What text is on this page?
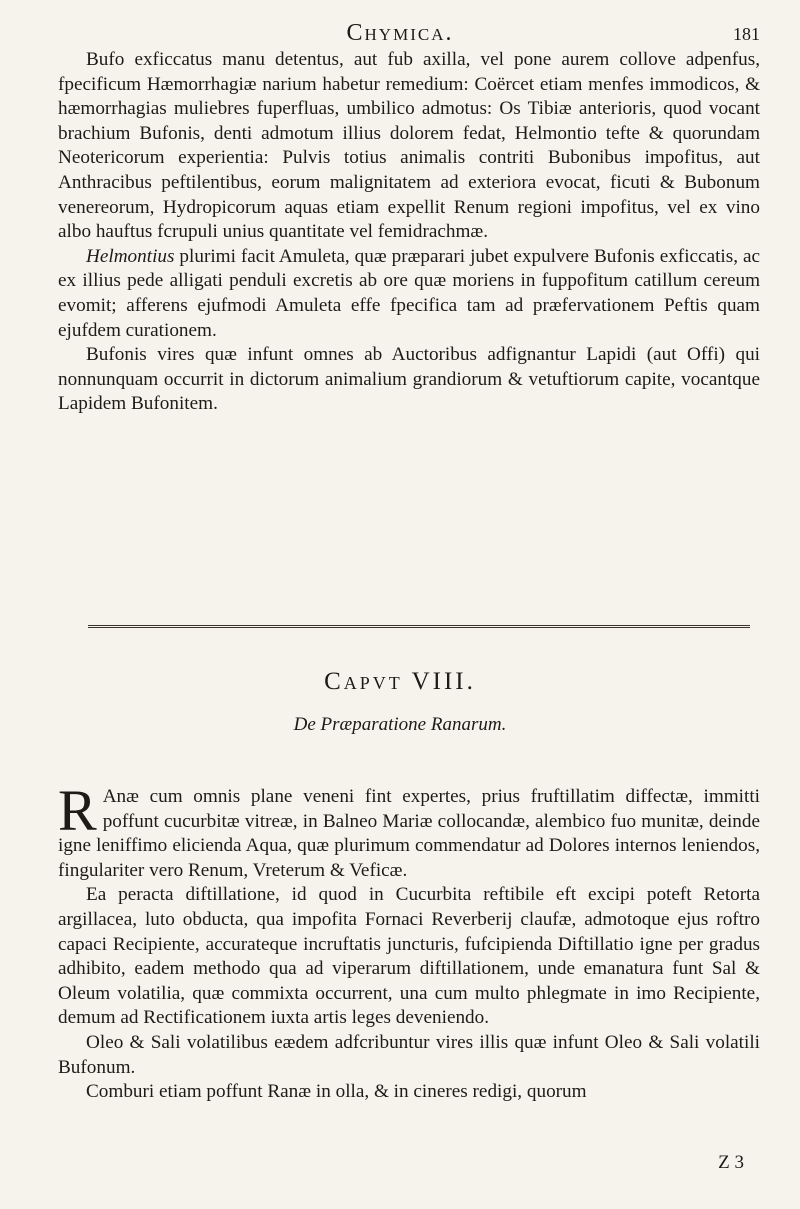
Chymica.	181

Bufo exficcatus manu detentus, aut fub axilla, vel pone aurem collove adpenfus, fpecificum Hæmorrhagiæ narium habetur remedium: Coërcet etiam menfes immodicos, & hæmorrhagias muliebres fuperfluas, umbilico admotus: Os Tibiæ anterioris, quod vocant brachium Bufonis, denti admotum illius dolorem fedat, Helmontio tefte & quorundam Neotericorum experientia: Pulvis totius animalis contriti Bubonibus impofitus, aut Anthracibus peftilentibus, eorum malignitatem ad exteriora evocat, ficuti & Bubonum venereorum, Hydropicorum aquas etiam expellit Renum regioni impofitus, vel ex vino albo hauftus fcrupuli unius quantitate vel femidrachmæ.

Helmontius plurimi facit Amuleta, quæ præparari jubet expulvere Bufonis exficcatis, ac ex illius pede alligati penduli excretis ab ore quæ moriens in fuppofitum catillum cereum evomit; afferens ejufmodi Amuleta effe fpecifica tam ad præfervationem Peftis quam ejufdem curationem.

Bufonis vires quæ infunt omnes ab Auctoribus adfignantur Lapidi (aut Offi) qui nonnunquam occurrit in dictorum animalium grandiorum & vetuftiorum capite, vocantque Lapidem Bufonitem.

Capvt VIII.
De Præparatione Ranarum.

R Anæ cum omnis plane veneni fint expertes, prius fruftillatim diffectæ, immitti poffunt cucurbitæ vitreæ, in Balneo Mariæ collocandæ, alembico fuo munitæ, deinde igne leniffimo elicienda Aqua, quæ plurimum commendatur ad Dolores internos leniendos, fingulariter vero Renum, Vreterum & Veficæ.

Ea peracta diftillatione, id quod in Cucurbita reftibile eft excipi poteft Retorta argillacea, luto obducta, qua impofita Fornaci Reverberij claufæ, admotoque ejus roftro capaci Recipiente, accurateque incruftatis juncturis, fufcipienda Diftillatio igne per gradus adhibito, eadem methodo qua ad viperarum diftillationem, unde emanatura funt Sal & Oleum volatilia, quæ commixta occurrent, una cum multo phlegmate in imo Recipiente, demum ad Rectificationem iuxta artis leges deveniendo.

Oleo & Sali volatilibus eædem adfcribuntur vires illis quæ infunt Oleo & Sali volatili Bufonum.

Comburi etiam poffunt Ranæ in olla, & in cineres redigi, quorum

Z 3
